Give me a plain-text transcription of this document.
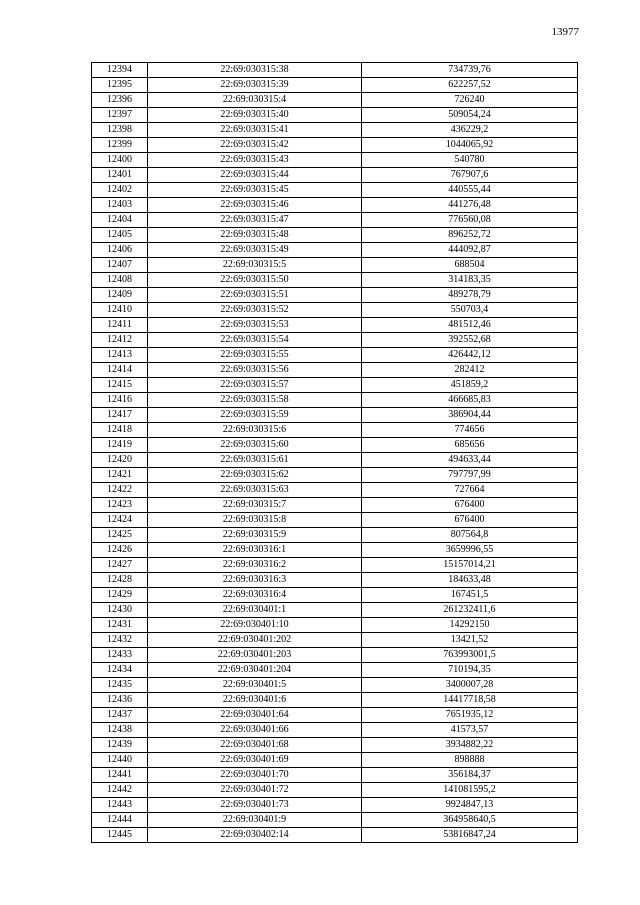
13977
12394	22:69:030315:38	734739,76
12395	22:69:030315:39	622257,52
12396	22:69:030315:4	726240
12397	22:69:030315:40	509054,24
12398	22:69:030315:41	436229,2
12399	22:69:030315:42	1044065,92
12400	22:69:030315:43	540780
12401	22:69:030315:44	767907,6
12402	22:69:030315:45	440555,44
12403	22:69:030315:46	441276,48
12404	22:69:030315:47	776560,08
12405	22:69:030315:48	896252,72
12406	22:69:030315:49	444092,87
12407	22:69:030315:5	688504
12408	22:69:030315:50	314183,35
12409	22:69:030315:51	489278,79
12410	22:69:030315:52	550703,4
12411	22:69:030315:53	481512,46
12412	22:69:030315:54	392552,68
12413	22:69:030315:55	426442,12
12414	22:69:030315:56	282412
12415	22:69:030315:57	451859,2
12416	22:69:030315:58	466685,83
12417	22:69:030315:59	386904,44
12418	22:69:030315:6	774656
12419	22:69:030315:60	685656
12420	22:69:030315:61	494633,44
12421	22:69:030315:62	797797,99
12422	22:69:030315:63	727664
12423	22:69:030315:7	676400
12424	22:69:030315:8	676400
12425	22:69:030315:9	807564,8
12426	22:69:030316:1	3659996,55
12427	22:69:030316:2	15157014,21
12428	22:69:030316:3	184633,48
12429	22:69:030316:4	167451,5
12430	22:69:030401:1	261232411,6
12431	22:69:030401:10	14292150
12432	22:69:030401:202	13421,52
12433	22:69:030401:203	763993001,5
12434	22:69:030401:204	710194,35
12435	22:69:030401:5	3400007,28
12436	22:69:030401:6	14417718,58
12437	22:69:030401:64	7651935,12
12438	22:69:030401:66	41573,57
12439	22:69:030401:68	3934882,22
12440	22:69:030401:69	898888
12441	22:69:030401:70	356184,37
12442	22:69:030401:72	141081595,2
12443	22:69:030401:73	9924847,13
12444	22:69:030401:9	364958640,5
12445	22:69:030402:14	53816847,24
